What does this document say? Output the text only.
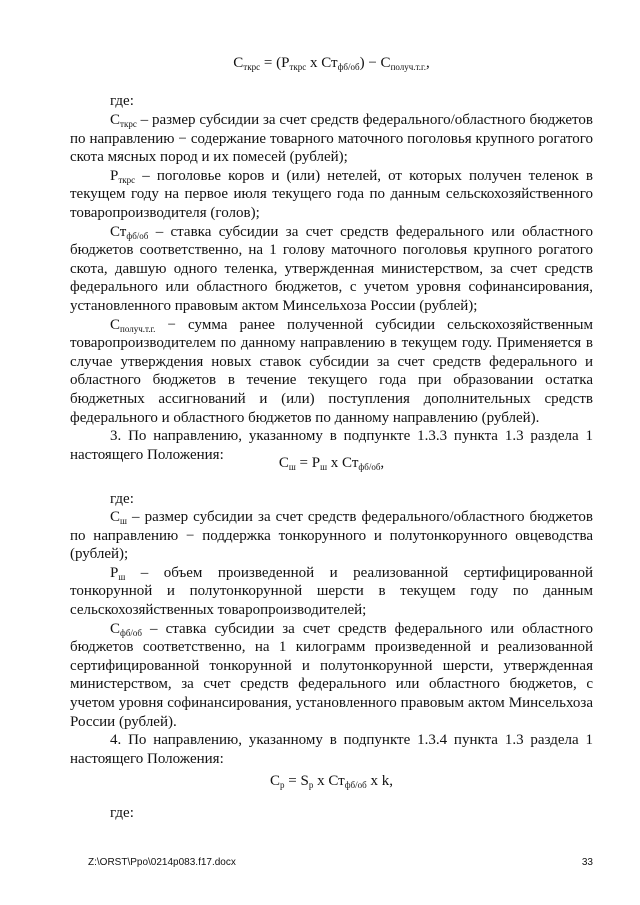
$С_{ткрс} = (Р_{ткрс}$ х $Ст_{фб/об}) - С_{получ.т.г.}$,
где:

$С_{ткрс}$ – размер субсидии за счет средств федерального/областного бюджетов по направлению − содержание товарного маточного поголовья крупного рогатого скота мясных пород и их помесей (рублей);

$Р_{ткрс}$ – поголовье коров и (или) нетелей, от которых получен теленок в текущем году на первое июля текущего года по данным сельскохозяйственного товаропроизводителя (голов);

$Ст_{фб/об}$ – ставка субсидии за счет средств федерального или областного бюджетов соответственно, на 1 голову маточного поголовья крупного рогатого скота, давшую одного теленка, утвержденная министерством, за счет средств федерального или областного бюджетов, с учетом уровня софинансирования, установленного правовым актом Минсельхоза России (рублей);

$С_{получ.т.г.}$ − сумма ранее полученной субсидии сельскохозяйственным товаропроизводителем по данному направлению в текущем году. Применяется в случае утверждения новых ставок субсидии за счет средств федерального и областного бюджетов в течение текущего года при образовании остатка бюджетных ассигнований и (или) поступления дополнительных средств федерального и областного бюджетов по данному направлению (рублей).

3. По направлению, указанному в подпункте 1.3.3 пункта 1.3 раздела 1 настоящего Положения:

$С_ш = Р_ш$ х $Ст_{фб/об}$,
где:

$С_ш$ – размер субсидии за счет средств федерального/областного бюджетов по направлению − поддержка тонкорунного и полутонкорунного овцеводства (рублей);

$Р_ш$ – объем произведенной и реализованной сертифицированной тонкорунной и полутонкорунной шерсти в текущем году по данным сельскохозяйственных товаропроизводителей;

$С_{фб/об}$ – ставка субсидии за счет средств федерального или областного бюджетов соответственно, на 1 килограмм произведенной и реализованной сертифицированной тонкорунной и полутонкорунной шерсти, утвержденная министерством, за счет средств федерального или областного бюджетов, с учетом уровня софинансирования, установленного правовым актом Минсельхоза России (рублей).

4. По направлению, указанному в подпункте 1.3.4 пункта 1.3 раздела 1 настоящего Положения:

$С_р = S_р$ х $Ст_{фб/об}$ х k,
где:
Z:\ORST\Ppo\0214p083.f17.docx	33
